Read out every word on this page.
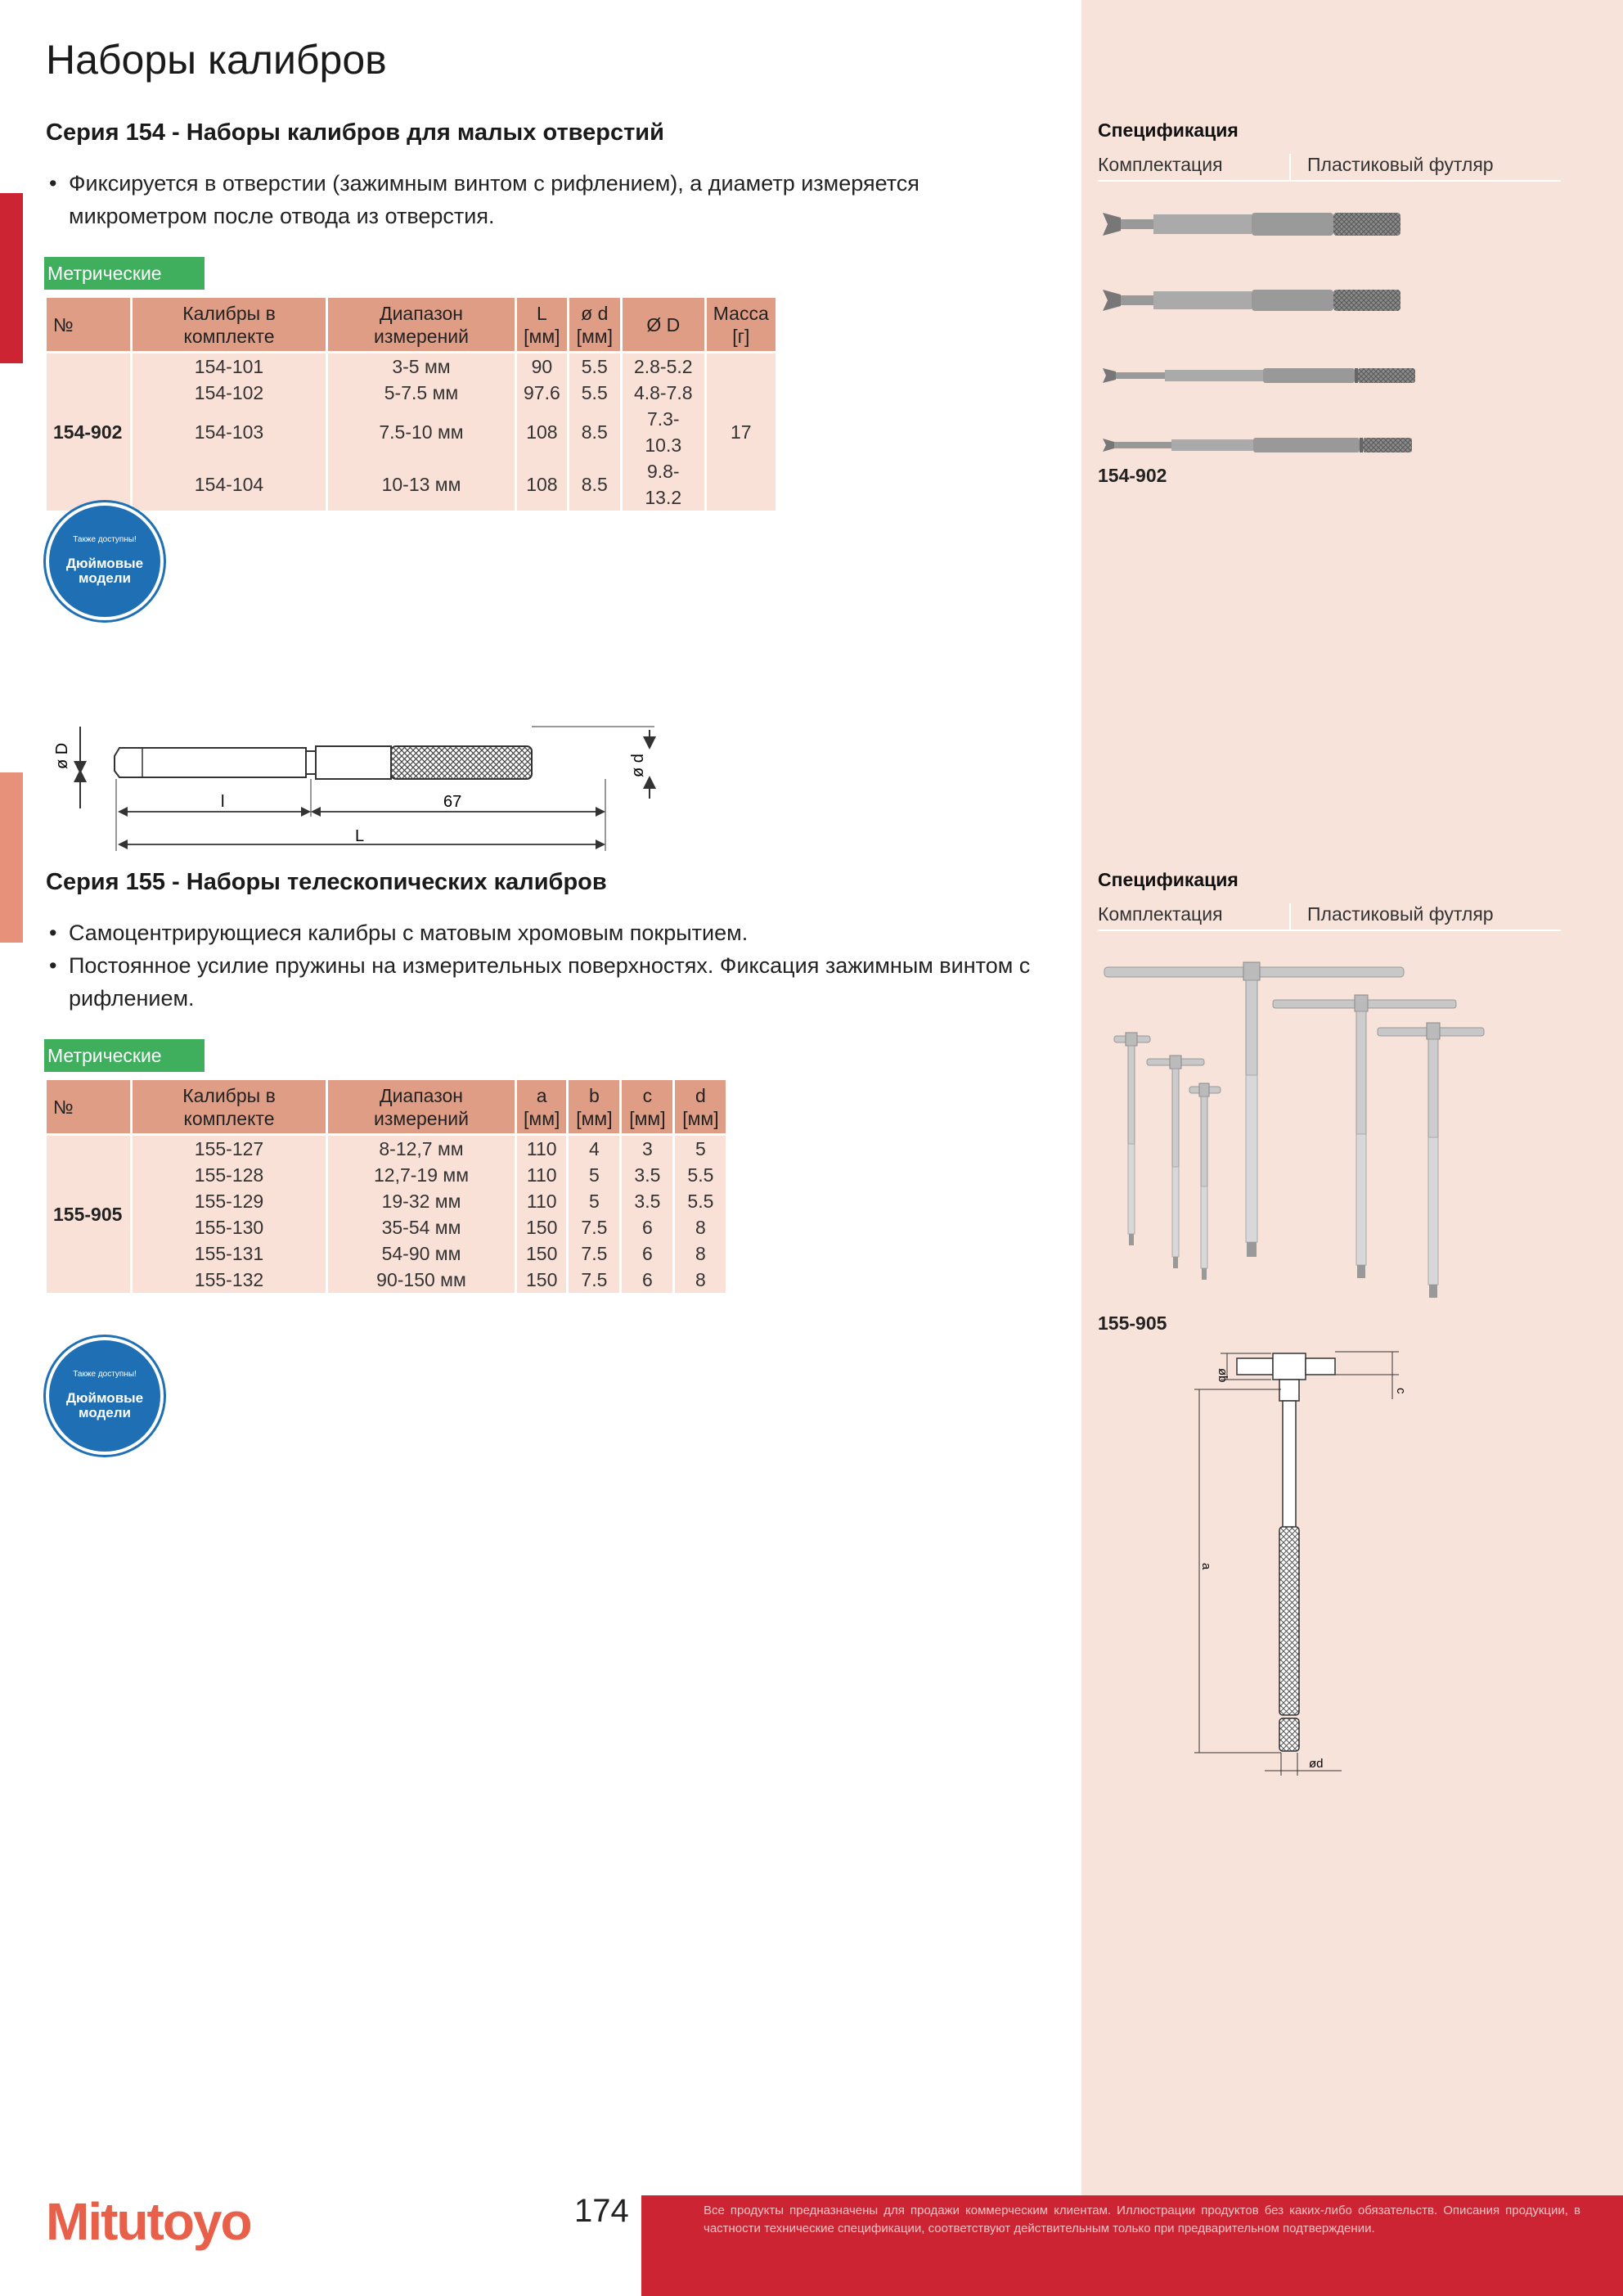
Наборы калибров
Серия 154 - Наборы калибров для малых отверстий
• Фиксируется в отверстии (зажимным винтом с рифлением), а диаметр измеряется микрометром после отвода из отверстия.
Метрические
№	Калибры в комплекте	Диапазон измерений	L [мм]	ø d [мм]	Ø D	Масса [г]
154-902	154-101	3-5 мм	90	5.5	2.8-5.2	17
	154-102	5-7.5 мм	97.6	5.5	4.8-7.8	
	154-103	7.5-10 мм	108	8.5	7.3-10.3	
	154-104	10-13 мм	108	8.5	9.8-13.2	
Также доступны!
Дюймовые модели
Спецификация
Комплектация	Пластиковый футляр
154-902
ø D	ø d
l	67
L
Серия 155 - Наборы телескопических калибров
• Самоцентрирующиеся калибры с матовым хромовым покрытием.
• Постоянное усилие пружины на измерительных поверхностях. Фиксация зажимным винтом с рифлением.
Метрические
№	Калибры в комплекте	Диапазон измерений	a [мм]	b [мм]	c [мм]	d [мм]
155-905	155-127	8-12,7 мм	110	4	3	5
	155-128	12,7-19 мм	110	5	3.5	5.5
	155-129	19-32 мм	110	5	3.5	5.5
	155-130	35-54 мм	150	7.5	6	8
	155-131	54-90 мм	150	7.5	6	8
	155-132	90-150 мм	150	7.5	6	8
Также доступны!
Дюймовые модели
Спецификация
Комплектация	Пластиковый футляр
155-905
øb
c
a
ød
Mitutoyo	174	Все продукты предназначены для продажи коммерческим клиентам. Иллюстрации продуктов без каких-либо обязательств. Описания продукции, в частности технические спецификации, соответствуют действительным только при предварительном подтверждении.
